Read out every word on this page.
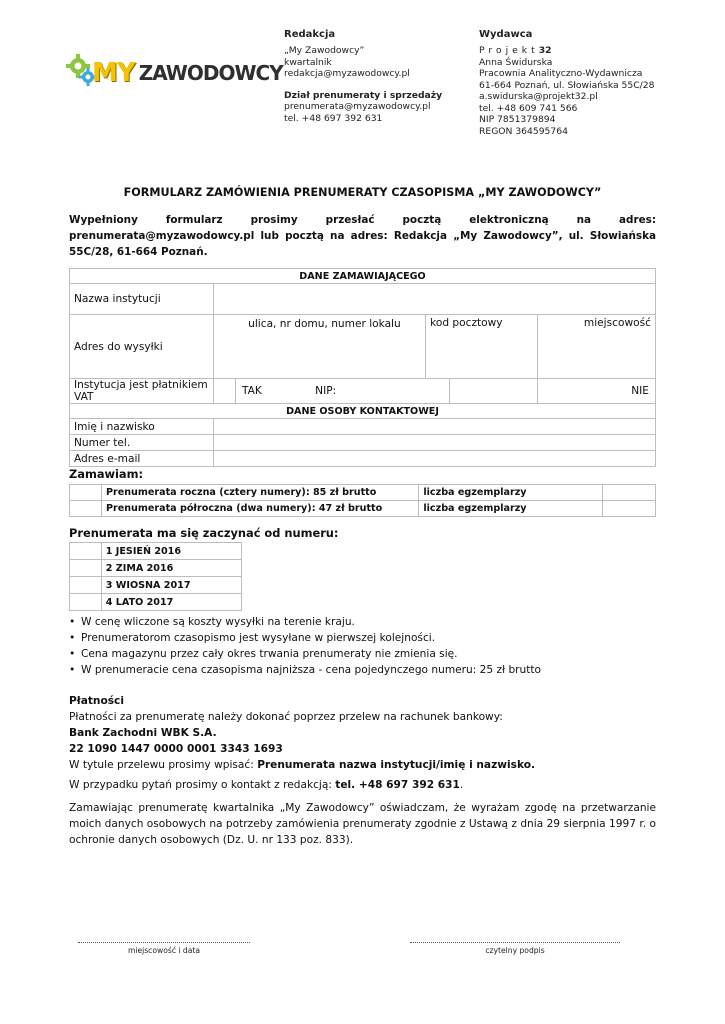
MY ZAWODOWCY
Redakcja
„My Zawodowcy”
kwartalnik
redakcja@myzawodowcy.pl
Dział prenumeraty i sprzedaży
prenumerata@myzawodowcy.pl
tel. +48 697 392 631
Wydawca
Projekt32
Anna Świdurska
Pracownia Analityczno-Wydawnicza
61-664 Poznań, ul. Słowiańska 55C/28
a.swidurska@projekt32.pl
tel. +48 609 741 566
NIP 7851379894
REGON 364595764
FORMULARZ ZAMÓWIENIA PRENUMERATY CZASOPISMA „MY ZAWODOWCY”
Wypełniony formularz prosimy przesłać pocztą elektroniczną na adres: prenumerata@myzawodowcy.pl lub pocztą na adres: Redakcja „My Zawodowcy”, ul. Słowiańska 55C/28, 61-664 Poznań.
DANE ZAMAWIAJĄCEGO					
Nazwa instytucji					
Adres do wysyłki	ulica, nr domu, numer lokalu		kod pocztowy		miejscowość
Instytucja jest płatnikiem VAT		TAK NIP:			NIE
DANE OSOBY KONTAKTOWEJ					
Imię i nazwisko					
Numer tel.					
Adres e-mail					
Zamawiam:
	Prenumerata roczna (cztery numery): 85 zł brutto	liczba egzemplarzy	
	Prenumerata półroczna (dwa numery): 47 zł brutto	liczba egzemplarzy	
Prenumerata ma się zaczynać od numeru:
	1 JESIEŃ 2016
	2 ZIMA 2016
	3 WIOSNA 2017
	4 LATO 2017
• W cenę wliczone są koszty wysyłki na terenie kraju.
• Prenumeratorom czasopismo jest wysyłane w pierwszej kolejności.
• Cena magazynu przez cały okres trwania prenumeraty nie zmienia się.
• W prenumeracie cena czasopisma najniższa - cena pojedynczego numeru: 25 zł brutto
Płatności
Płatności za prenumeratę należy dokonać poprzez przelew na rachunek bankowy:
Bank Zachodni WBK S.A.
22 1090 1447 0000 0001 3343 1693
W tytule przelewu prosimy wpisać: Prenumerata nazwa instytucji/imię i nazwisko.
W przypadku pytań prosimy o kontakt z redakcją: tel. +48 697 392 631.
Zamawiając prenumeratę kwartalnika „My Zawodowcy” oświadczam, że wyrażam zgodę na przetwarzanie moich danych osobowych na potrzeby zamówienia prenumeraty zgodnie z Ustawą z dnia 29 sierpnia 1997 r. o ochronie danych osobowych (Dz. U. nr 133 poz. 833).
miejscowość i data	czytelny podpis
